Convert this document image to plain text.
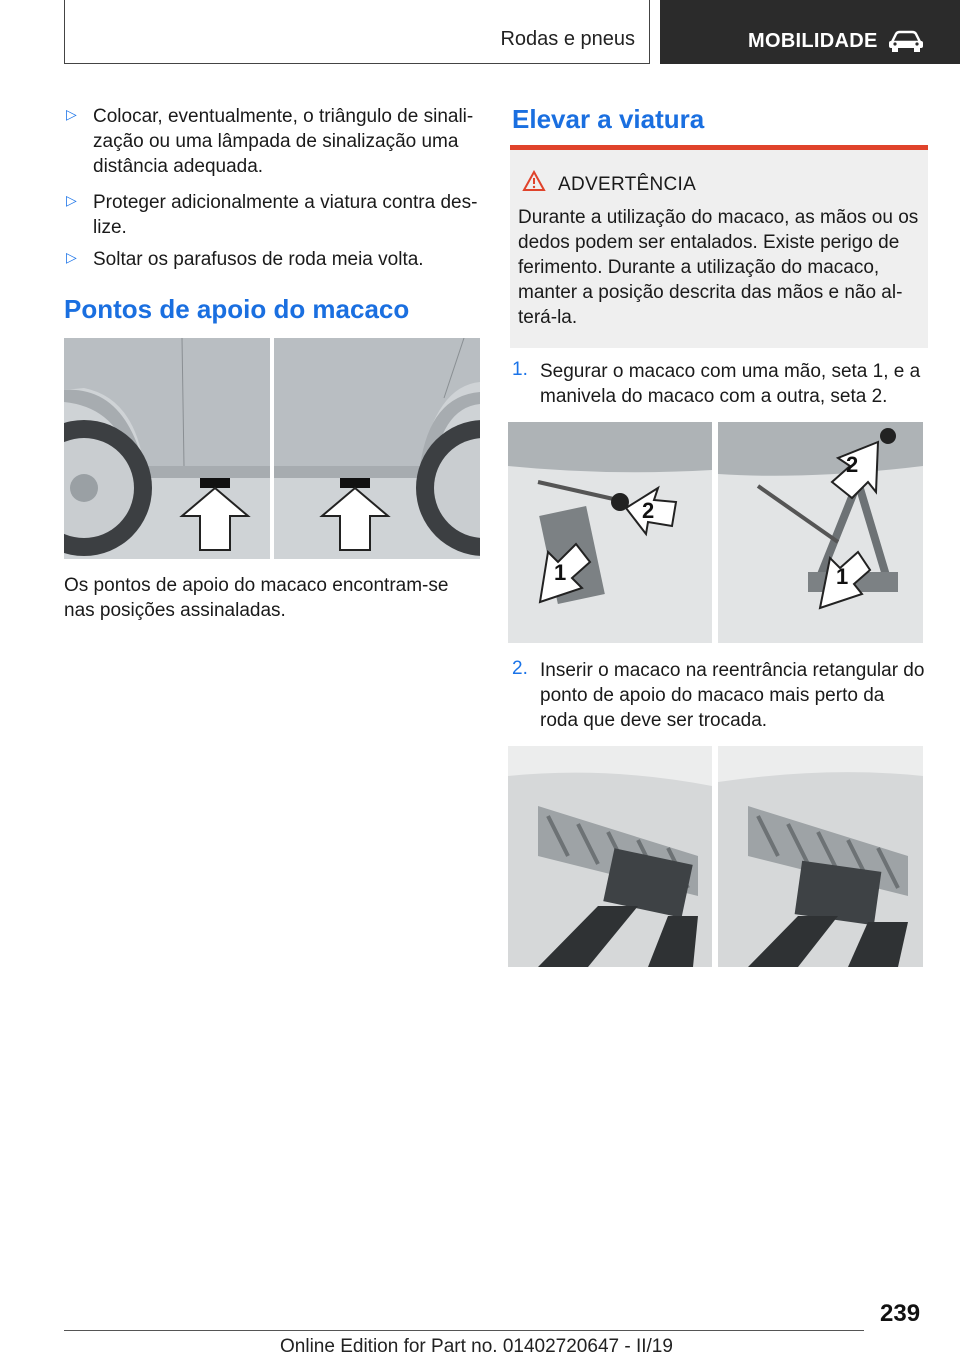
Rodas e pneus	MOBILIDADE
▷ Colocar, eventualmente, o triângulo de sinali-
zação ou uma lâmpada de sinalização uma
distância adequada.
▷ Proteger adicionalmente a viatura contra des-
lize.
▷ Soltar os parafusos de roda meia volta.
Pontos de apoio do macaco
Os pontos de apoio do macaco encontram-se
nas posições assinaladas.
Elevar a viatura
ADVERTÊNCIA
Durante a utilização do macaco, as mãos ou os
dedos podem ser entalados. Existe perigo de
ferimento. Durante a utilização do macaco,
manter a posição descrita das mãos e não al-
terá-la.
1. Segurar o macaco com uma mão, seta 1, e a
manivela do macaco com a outra, seta 2.
2
1
2
1
2. Inserir o macaco na reentrância retangular do
ponto de apoio do macaco mais perto da
roda que deve ser trocada.
239
Online Edition for Part no. 01402720647 - II/19
